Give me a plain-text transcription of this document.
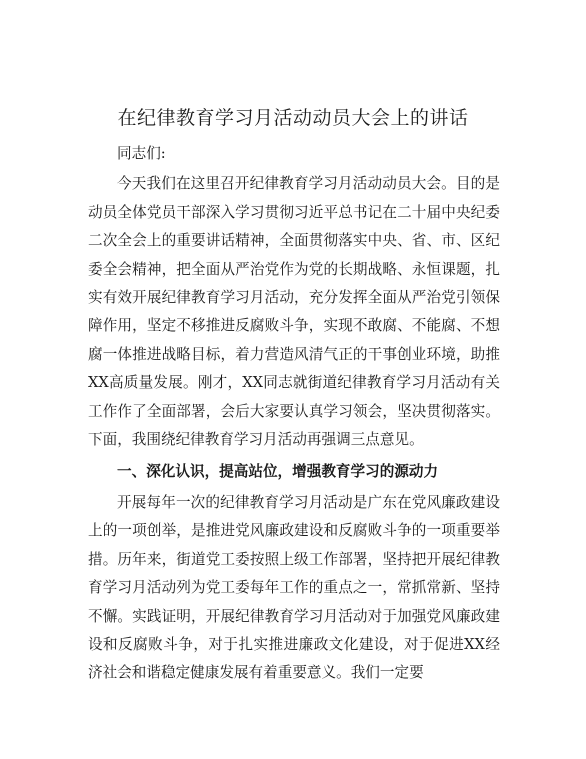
在纪律教育学习月活动动员大会上的讲话

同志们:

今天我们在这里召开纪律教育学习月活动动员大会。目的是动员全体党员干部深入学习贯彻习近平总书记在二十届中央纪委二次全会上的重要讲话精神，全面贯彻落实中央、省、市、区纪委全会精神，把全面从严治党作为党的长期战略、永恒课题，扎实有效开展纪律教育学习月活动，充分发挥全面从严治党引领保障作用，坚定不移推进反腐败斗争，实现不敢腐、不能腐、不想腐一体推进战略目标，着力营造风清气正的干事创业环境，助推XX高质量发展。刚才，XX同志就街道纪律教育学习月活动有关工作作了全面部署，会后大家要认真学习领会，坚决贯彻落实。下面，我围绕纪律教育学习月活动再强调三点意见。

一、深化认识，提高站位，增强教育学习的源动力

开展每年一次的纪律教育学习月活动是广东在党风廉政建设上的一项创举，是推进党风廉政建设和反腐败斗争的一项重要举措。历年来，街道党工委按照上级工作部署，坚持把开展纪律教育学习月活动列为党工委每年工作的重点之一，常抓常新、坚持不懈。实践证明，开展纪律教育学习月活动对于加强党风廉政建设和反腐败斗争，对于扎实推进廉政文化建设，对于促进XX经济社会和谐稳定健康发展有着重要意义。我们一定要
